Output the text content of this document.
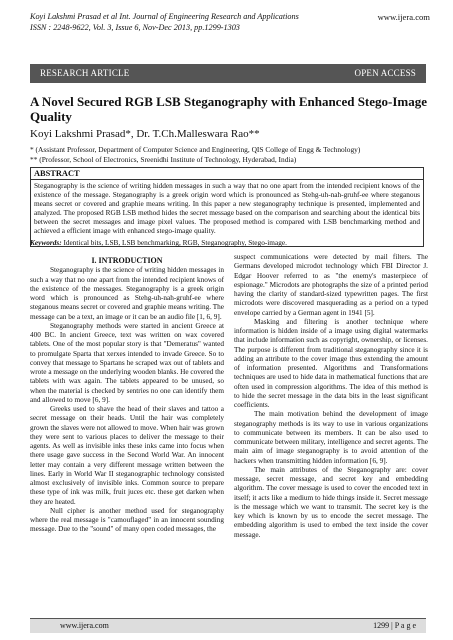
Koyi Lakshmi Prasad et al Int. Journal of Engineering Research and Applications
ISSN : 2248-9622, Vol. 3, Issue 6, Nov-Dec 2013, pp.1299-1303
www.ijera.com
RESEARCH ARTICLE	OPEN ACCESS
A Novel Secured RGB LSB Steganography with Enhanced Stego-Image Quality
Koyi Lakshmi Prasad*, Dr. T.Ch.Malleswara Rao**
* (Assistant Professor, Department of Computer Science and Engineering, QIS College of Engg & Technology)
** (Professor, School of Electronics, Sreenidhi Institute of Technology, Hyderabad, India)
ABSTRACT
Steganography is the science of writing hidden messages in such a way that no one apart from the intended recipient knows of the existence of the message. Steganography is a greek origin word which is pronounced as Stehg-uh-nah-gruhf-ee where steganous means secret or covered and graphie means writing. In this paper a new steganography technique is presented, implemented and analyzed. The proposed RGB LSB method hides the secret message based on the comparison and searching about the identical bits between the secret messages and image pixel values. The proposed method is compared with LSB benchmarking method and achieved a efficient image with enhanced stego-image quality.
Keywords: Identical bits, LSB, LSB benchmarking, RGB, Steganography, Stego-image.
I. INTRODUCTION

Steganography is the science of writing hidden messages in such a way that no one apart from the intended recipient knows of the existence of the messages. Steganography is a greek origin word which is pronounced as Stehg-uh-nah-gruhf-ee where steganous means secret or covered and graphie means writing. The message can be a text, an image or it can be an audio file [1, 6, 9].

Steganography methods were started in ancient Greece at 400 BC. In ancient Greece, text was written on wax covered tablets. One of the most popular story is that "Demeratus" wanted to promulgate Sparta that xerxes intended to invade Greece. So to convey that message to Spartans he scraped wax out of tablets and wrote a message on the underlying wooden blanks. He covered the tablets with wax again. The tablets appeared to be unused, so when the material is checked by sentries no one can identify them and allowed to move [6, 9].

Greeks used to shave the head of their slaves and tattoo a secret message on their heads. Until the hair was completely grown the slaves were not allowed to move. When hair was grown they were sent to various places to deliver the message to their agents. As well as invisible inks these inks came into focus when there usage gave success in the Second World War. An innocent letter may contain a very different message written between the lines. Early in World War II steganographic technology consisted almost exclusively of invisible inks. Common source to prepare these type of ink was milk, fruit juces etc. these get darken when they are heated.

Null cipher is another method used for steganography where the real message is "camouflaged" in an innocent sounding message. Due to the "sound" of many open coded messages, the

suspect communications were detected by mail filters. The Germans developed microdot technology which FBI Director J. Edgar Hoover referred to as "the enemy's masterpiece of espionage." Microdots are photographs the size of a printed period having the clarity of standard-sized typewritten pages. The first microdots were discovered masquerading as a period on a typed envelope carried by a German agent in 1941 [5].

Masking and filtering is another technique where information is hidden inside of a image using digital watermarks that include information such as copyright, ownership, or licenses. The purpose is different from traditional steganography since it is adding an attribute to the cover image thus extending the amount of information presented. Algorithms and Transformations techniques are used to hide data in mathematical functions that are often used in compression algorithms. The idea of this method is to hide the secret message in the data bits in the least significant coefficients.

The main motivation behind the development of image steganography methods is its way to use in various organizations to communicate between its members. It can be also used to communicate between military, intelligence and secret agents. The main aim of image steganography is to avoid attention of the hackers when transmitting hidden information [6, 9].

The main attributes of the Steganography are: cover message, secret message, and secret key and embedding algorithm. The cover message is used to cover the encoded text in itself; it acts like a medium to hide things inside it. Secret message is the message which we want to transmit. The secret key is the key which is known by us to encode the secret message. The embedding algorithm is used to embed the text inside the cover message.

www.ijera.com	1299 | P a g e
